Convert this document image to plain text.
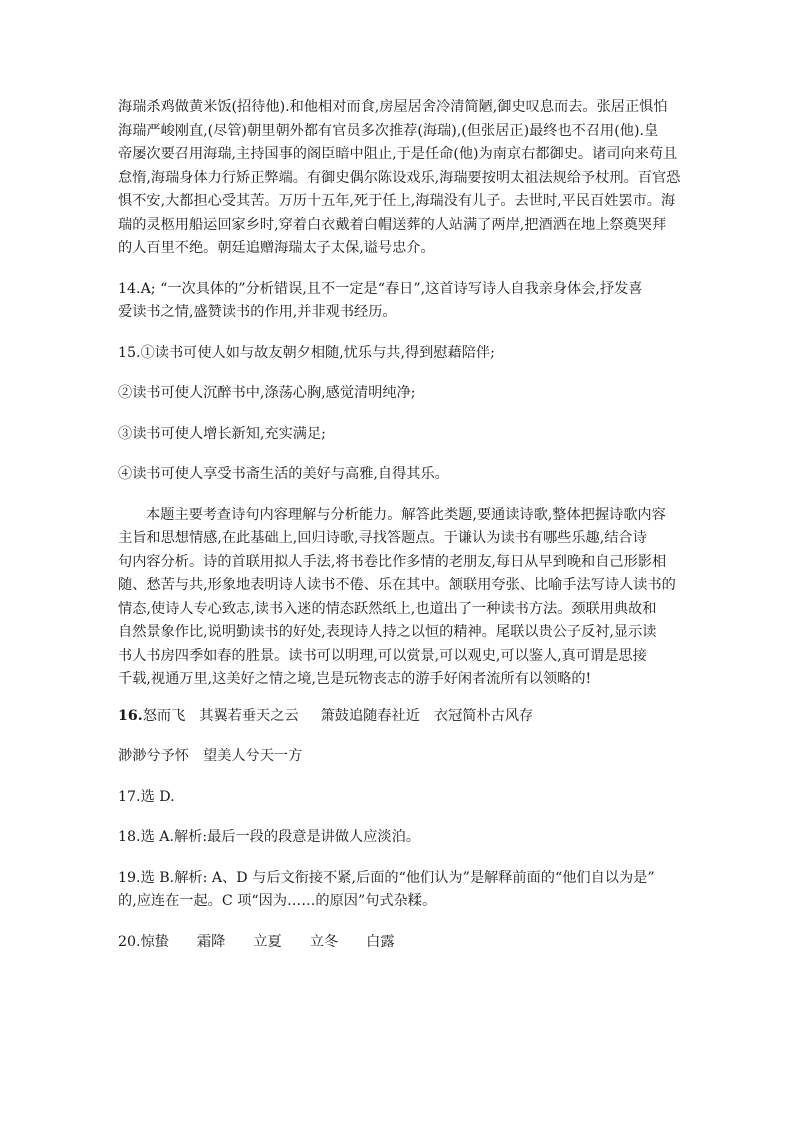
海瑞杀鸡做黄米饭(招待他).和他相对而食,房屋居舍冷清简陋,御史叹息而去。张居正惧怕
海瑞严峻刚直,(尽管)朝里朝外都有官员多次推荐(海瑞),(但张居正)最终也不召用(他).皇
帝屡次要召用海瑞,主持国事的阁臣暗中阻止,于是任命(他)为南京右都御史。诸司向来苟且
怠惰,海瑞身体力行矫正弊端。有御史偶尔陈设戏乐,海瑞要按明太祖法规给予杖刑。百官恐
惧不安,大都担心受其苦。万历十五年,死于任上,海瑞没有儿子。去世时,平民百姓罢市。海
瑞的灵柩用船运回家乡时,穿着白衣戴着白帽送葬的人站满了两岸,把酒洒在地上祭奠哭拜
的人百里不绝。朝廷追赠海瑞太子太保,谥号忠介。
14.A; “一次具体的”分析错误,且不一定是“春日”,这首诗写诗人自我亲身体会,抒发喜
爱读书之情,盛赞读书的作用,并非观书经历。
15.①读书可使人如与故友朝夕相随,忧乐与共,得到慰藉陪伴;
②读书可使人沉醉书中,涤荡心胸,感觉清明纯净;
③读书可使人增长新知,充实满足;
④读书可使人享受书斋生活的美好与高雅,自得其乐。
本题主要考查诗句内容理解与分析能力。解答此类题,要通读诗歌,整体把握诗歌内容
主旨和思想情感,在此基础上,回归诗歌,寻找答题点。于谦认为读书有哪些乐趣,结合诗
句内容分析。诗的首联用拟人手法,将书卷比作多情的老朋友,每日从早到晚和自己形影相
随、愁苦与共,形象地表明诗人读书不倦、乐在其中。颔联用夸张、比喻手法写诗人读书的
情态,使诗人专心致志,读书入迷的情态跃然纸上,也道出了一种读书方法。颈联用典故和
自然景象作比,说明勤读书的好处,表现诗人持之以恒的精神。尾联以贵公子反衬,显示读
书人书房四季如春的胜景。读书可以明理,可以赏景,可以观史,可以鉴人,真可谓是思接
千载,视通万里,这美好之情之境,岂是玩物丧志的游手好闲者流所有以领略的!
16.怒而飞 其翼若垂天之云 箫鼓追随春社近 衣冠简朴古风存
渺渺兮予怀 望美人兮天一方
17.选 D.
18.选 A.解析:最后一段的段意是讲做人应淡泊。
19.选 B.解析: A、D 与后文衔接不紧,后面的“他们认为”是解释前面的“他们自以为是”
的,应连在一起。C 项“因为……的原因”句式杂糅。
20.惊蛰 霜降 立夏 立冬 白露
